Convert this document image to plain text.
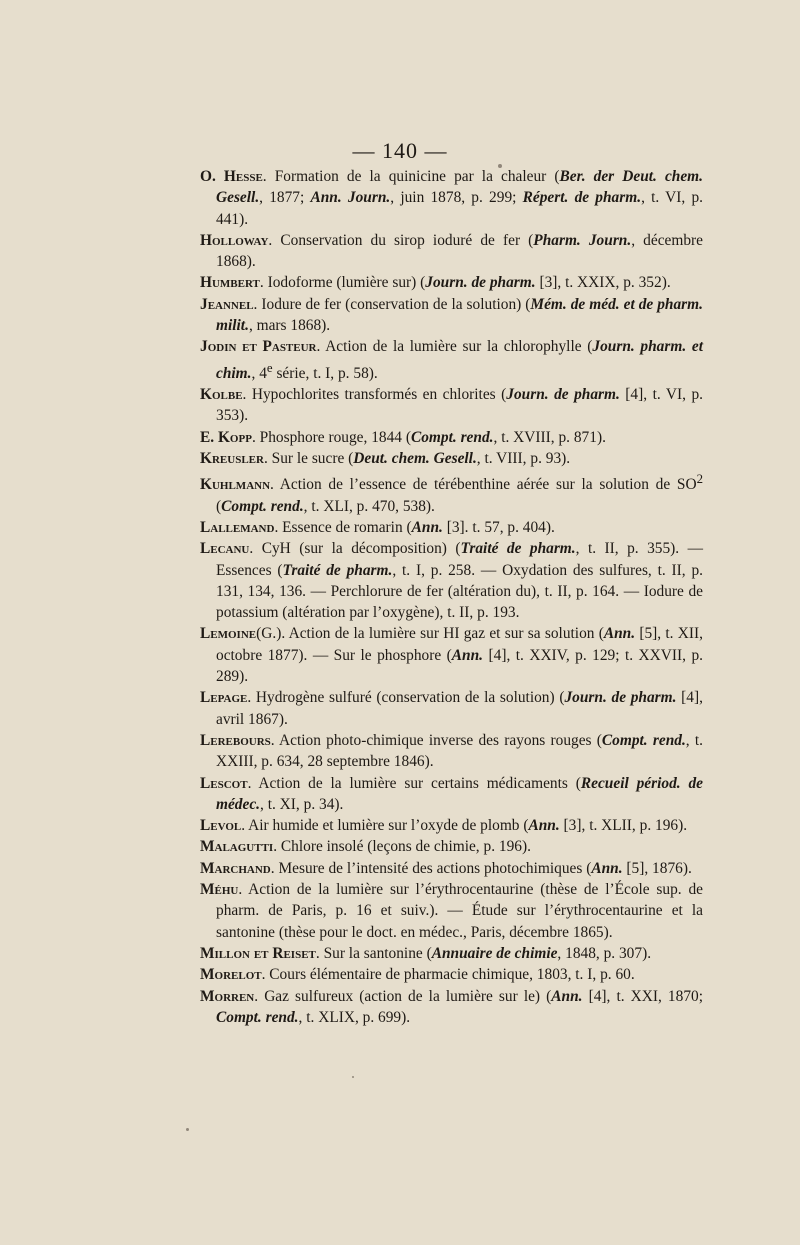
— 140 —

O. Hesse. Formation de la quinicine par la chaleur (Ber. der Deut. chem. Gesell., 1877; Ann. Journ., juin 1878, p. 299; Répert. de pharm., t. VI, p. 441).

Holloway. Conservation du sirop ioduré de fer (Pharm. Journ., décembre 1868).

Humbert. Iodoforme (lumière sur) (Journ. de pharm. [3], t. XXIX, p. 352).

Jeannel. Iodure de fer (conservation de la solution) (Mém. de méd. et de pharm. milit., mars 1868).

Jodin et Pasteur. Action de la lumière sur la chlorophylle (Journ. pharm. et chim., 4e série, t. I, p. 58).

Kolbe. Hypochlorites transformés en chlorites (Journ. de pharm. [4], t. VI, p. 353).

E. Kopp. Phosphore rouge, 1844 (Compt. rend., t. XVIII, p. 871).

Kreusler. Sur le sucre (Deut. chem. Gesell., t. VIII, p. 93).

Kuhlmann. Action de l’essence de térébenthine aérée sur la solution de $SO^2$ (Compt. rend., t. XLI, p. 470, 538).

Lallemand. Essence de romarin (Ann. [3]. t. 57, p. 404).

Lecanu. CyH (sur la décomposition) (Traité de pharm., t. II, p. 355). — Essences (Traité de pharm., t. I, p. 258. — Oxydation des sulfures, t. II, p. 131, 134, 136. — Perchlorure de fer (altération du), t. II, p. 164. — Iodure de potassium (altération par l’oxygène), t. II, p. 193.

Lemoine(G.). Action de la lumière sur HI gaz et sur sa solution (Ann. [5], t. XII, octobre 1877). — Sur le phosphore (Ann. [4], t. XXIV, p. 129; t. XXVII, p. 289).

Lepage. Hydrogène sulfuré (conservation de la solution) (Journ. de pharm. [4], avril 1867).

Lerebours. Action photo-chimique inverse des rayons rouges (Compt. rend., t. XXIII, p. 634, 28 septembre 1846).

Lescot. Action de la lumière sur certains médicaments (Recueil périod. de médec., t. XI, p. 34).

Levol. Air humide et lumière sur l’oxyde de plomb (Ann. [3], t. XLII, p. 196).

Malagutti. Chlore insolé (leçons de chimie, p. 196).

Marchand. Mesure de l’intensité des actions photochimiques (Ann. [5], 1876).

Méhu. Action de la lumière sur l’érythrocentaurine (thèse de l’École sup. de pharm. de Paris, p. 16 et suiv.). — Étude sur l’érythrocentaurine et la santonine (thèse pour le doct. en médec., Paris, décembre 1865).

Millon et Reiset. Sur la santonine (Annuaire de chimie, 1848, p. 307).

Morelot. Cours élémentaire de pharmacie chimique, 1803, t. I, p. 60.

Morren. Gaz sulfureux (action de la lumière sur le) (Ann. [4], t. XXI, 1870; Compt. rend., t. XLIX, p. 699).
